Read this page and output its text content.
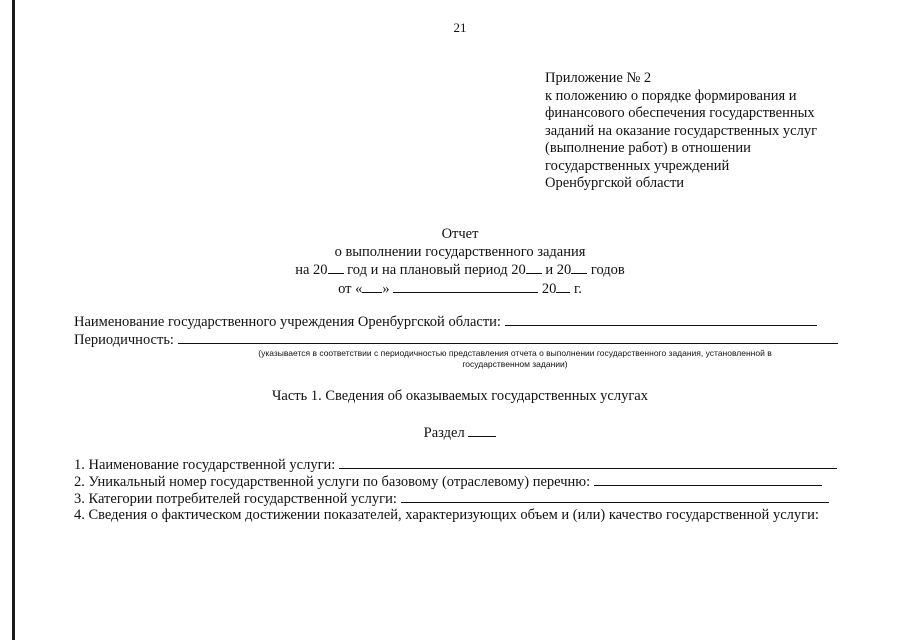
21
Приложение № 2
к положению о порядке формирования и
финансового обеспечения государственных
заданий на оказание государственных услуг
(выполнение работ) в отношении
государственных учреждений
Оренбургской области
Отчет
о выполнении государственного задания
на 20 год и на плановый период 20 и 20 годов
от « »	20 г.
Наименование государственного учреждения Оренбургской области:
Периодичность:
(указывается в соответствии с периодичностью представления отчета о выполнении государственного задания, установленной в
государственном задании)
Часть 1. Сведения об оказываемых государственных услугах
Раздел
1. Наименование государственной услуги:
2. Уникальный номер государственной услуги по базовому (отраслевому) перечню:
3. Категории потребителей государственной услуги:
4. Сведения о фактическом достижении показателей, характеризующих объем и (или) качество государственной услуги:
